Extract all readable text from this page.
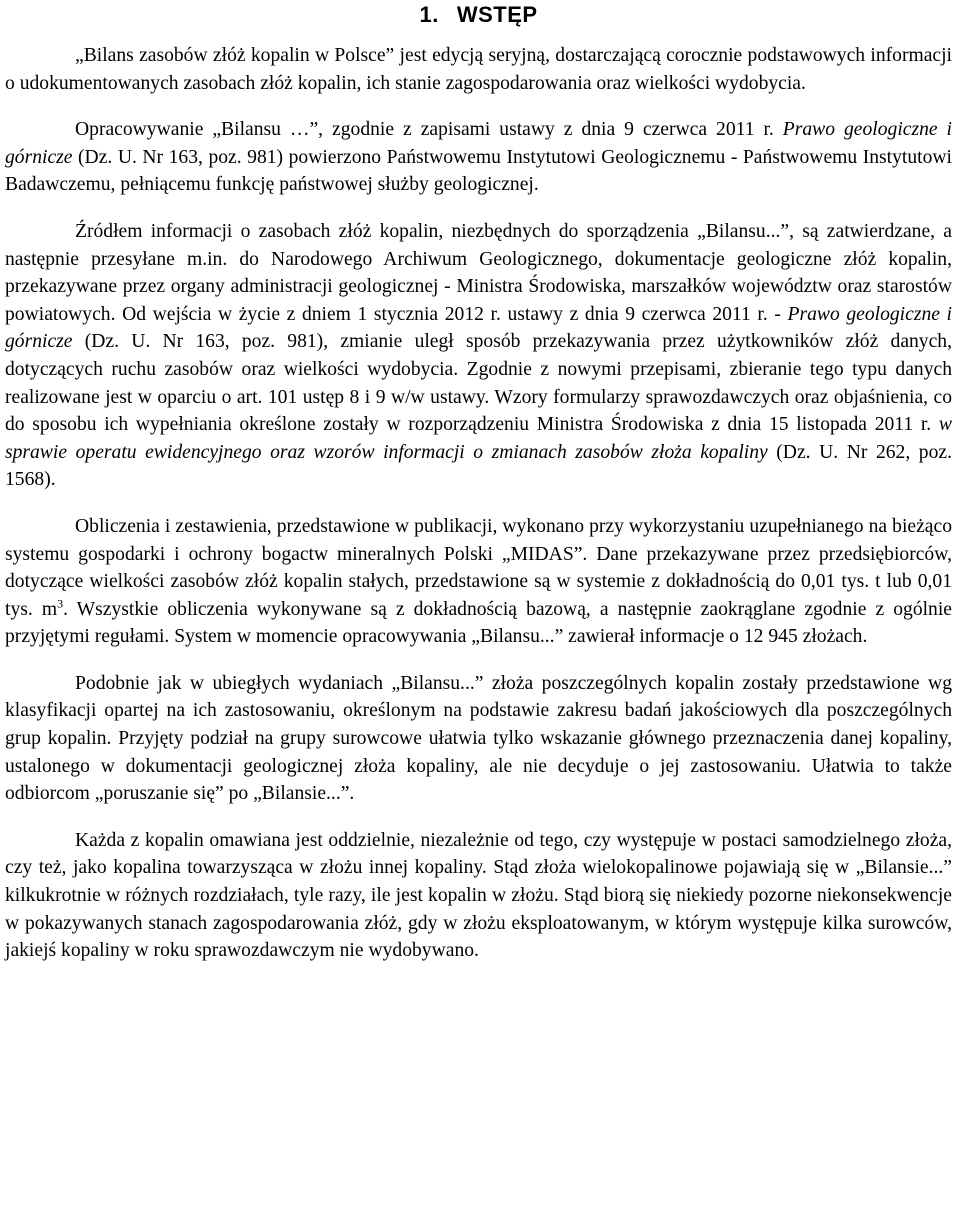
1. WSTĘP

„Bilans zasobów złóż kopalin w Polsce” jest edycją seryjną, dostarczającą corocznie podstawowych informacji o udokumentowanych zasobach złóż kopalin, ich stanie zagospodarowania oraz wielkości wydobycia.

Opracowywanie „Bilansu …”, zgodnie z zapisami ustawy z dnia 9 czerwca 2011 r. Prawo geologiczne i górnicze (Dz. U. Nr 163, poz. 981) powierzono Państwowemu Instytutowi Geologicznemu - Państwowemu Instytutowi Badawczemu, pełniącemu funkcję państwowej służby geologicznej.

Źródłem informacji o zasobach złóż kopalin, niezbędnych do sporządzenia „Bilansu...”, są zatwierdzane, a następnie przesyłane m.in. do Narodowego Archiwum Geologicznego, dokumentacje geologiczne złóż kopalin, przekazywane przez organy administracji geologicznej - Ministra Środowiska, marszałków województw oraz starostów powiatowych. Od wejścia w życie z dniem 1 stycznia 2012 r. ustawy z dnia 9 czerwca 2011 r. - Prawo geologiczne i górnicze (Dz. U. Nr 163, poz. 981), zmianie uległ sposób przekazywania przez użytkowników złóż danych, dotyczących ruchu zasobów oraz wielkości wydobycia. Zgodnie z nowymi przepisami, zbieranie tego typu danych realizowane jest w oparciu o art. 101 ustęp 8 i 9 w/w ustawy. Wzory formularzy sprawozdawczych oraz objaśnienia, co do sposobu ich wypełniania określone zostały w rozporządzeniu Ministra Środowiska z dnia 15 listopada 2011 r. w sprawie operatu ewidencyjnego oraz wzorów informacji o zmianach zasobów złoża kopaliny (Dz. U. Nr 262, poz. 1568).

Obliczenia i zestawienia, przedstawione w publikacji, wykonano przy wykorzystaniu uzupełnianego na bieżąco systemu gospodarki i ochrony bogactw mineralnych Polski „MIDAS”. Dane przekazywane przez przedsiębiorców, dotyczące wielkości zasobów złóż kopalin stałych, przedstawione są w systemie z dokładnością do 0,01 tys. t lub 0,01 tys. $m^3$. Wszystkie obliczenia wykonywane są z dokładnością bazową, a następnie zaokrąglane zgodnie z ogólnie przyjętymi regułami. System w momencie opracowywania „Bilansu...” zawierał informacje o 12 945 złożach.

Podobnie jak w ubiegłych wydaniach „Bilansu...” złoża poszczególnych kopalin zostały przedstawione wg klasyfikacji opartej na ich zastosowaniu, określonym na podstawie zakresu badań jakościowych dla poszczególnych grup kopalin. Przyjęty podział na grupy surowcowe ułatwia tylko wskazanie głównego przeznaczenia danej kopaliny, ustalonego w dokumentacji geologicznej złoża kopaliny, ale nie decyduje o jej zastosowaniu. Ułatwia to także odbiorcom „poruszanie się” po „Bilansie...”.

Każda z kopalin omawiana jest oddzielnie, niezależnie od tego, czy występuje w postaci samodzielnego złoża, czy też, jako kopalina towarzysząca w złożu innej kopaliny. Stąd złoża wielokopalinowe pojawiają się w „Bilansie...” kilkukrotnie w różnych rozdziałach, tyle razy, ile jest kopalin w złożu. Stąd biorą się niekiedy pozorne niekonsekwencje w pokazywanych stanach zagospodarowania złóż, gdy w złożu eksploatowanym, w którym występuje kilka surowców, jakiejś kopaliny w roku sprawozdawczym nie wydobywano.
